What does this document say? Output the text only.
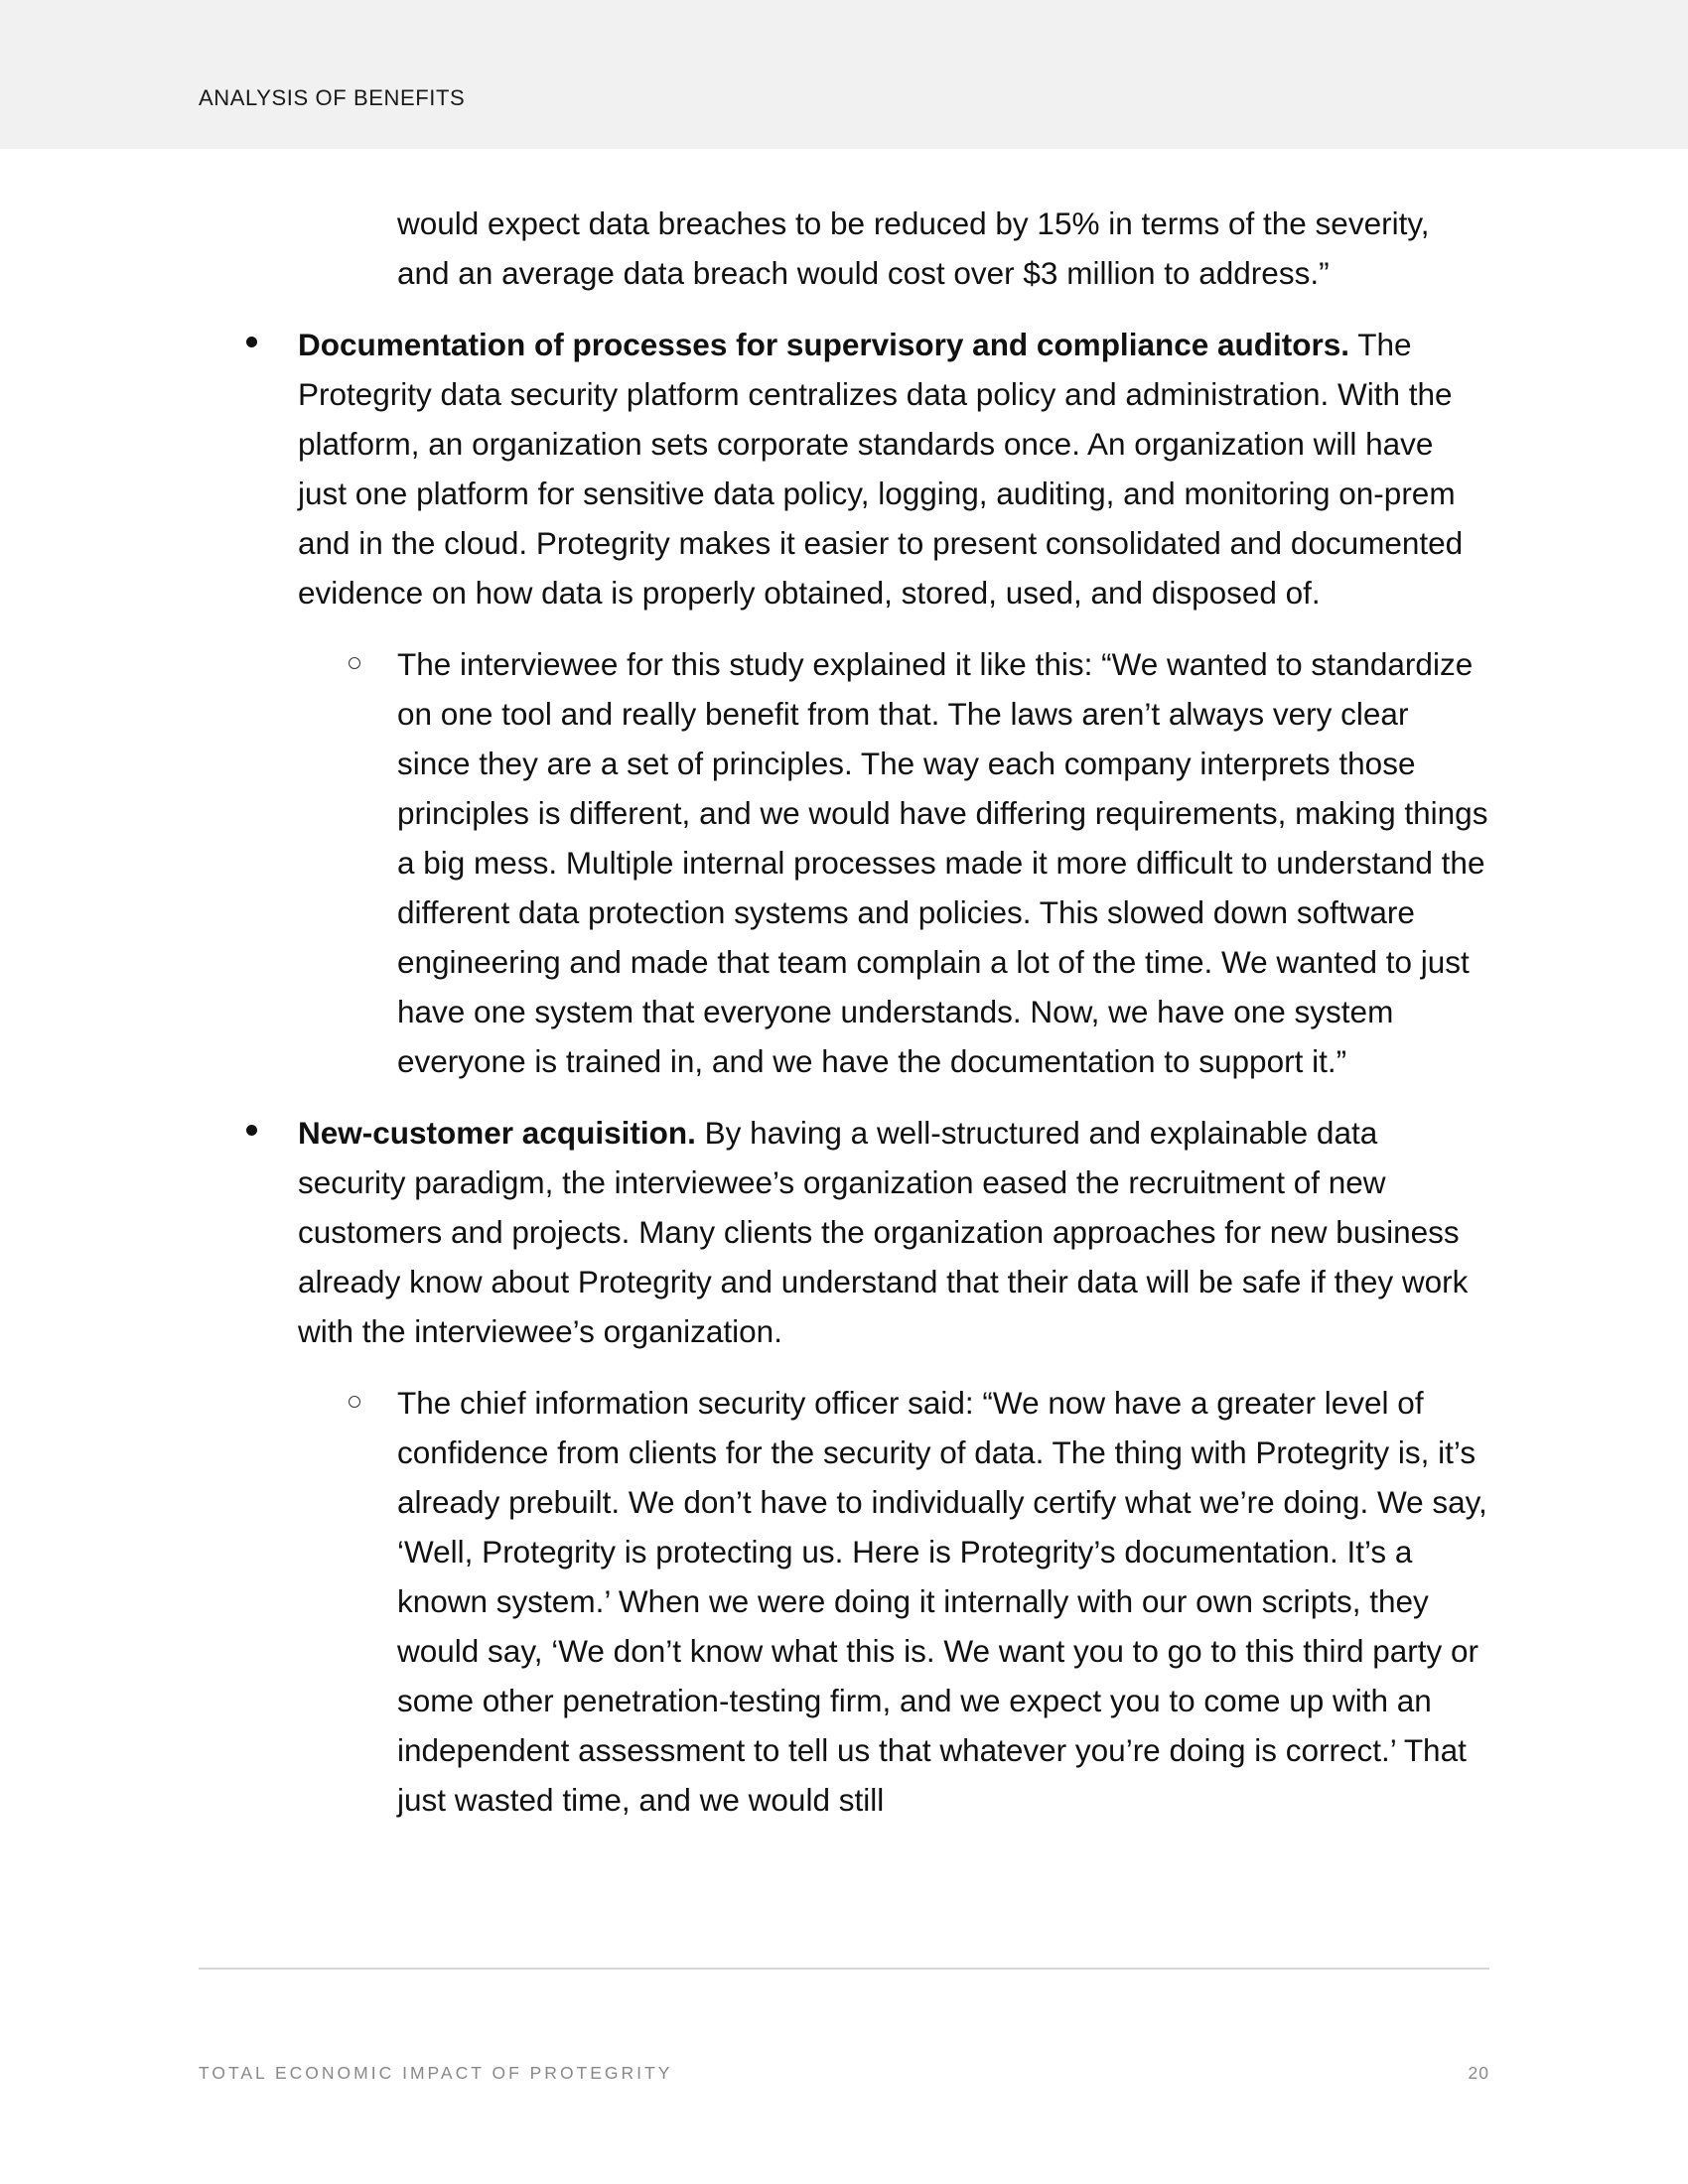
ANALYSIS OF BENEFITS

would expect data breaches to be reduced by 15% in terms of the severity, and an average data breach would cost over $3 million to address.”

Documentation of processes for supervisory and compliance auditors. The Protegrity data security platform centralizes data policy and administration. With the platform, an organization sets corporate standards once. An organization will have just one platform for sensitive data policy, logging, auditing, and monitoring on-prem and in the cloud. Protegrity makes it easier to present consolidated and documented evidence on how data is properly obtained, stored, used, and disposed of.
The interviewee for this study explained it like this: “We wanted to standardize on one tool and really benefit from that. The laws aren’t always very clear since they are a set of principles. The way each company interprets those principles is different, and we would have differing requirements, making things a big mess. Multiple internal processes made it more difficult to understand the different data protection systems and policies. This slowed down software engineering and made that team complain a lot of the time. We wanted to just have one system that everyone understands. Now, we have one system everyone is trained in, and we have the documentation to support it.”
New-customer acquisition. By having a well-structured and explainable data security paradigm, the interviewee’s organization eased the recruitment of new customers and projects. Many clients the organization approaches for new business already know about Protegrity and understand that their data will be safe if they work with the interviewee’s organization.
The chief information security officer said: “We now have a greater level of confidence from clients for the security of data. The thing with Protegrity is, it’s already prebuilt. We don’t have to individually certify what we’re doing. We say, ‘Well, Protegrity is protecting us. Here is Protegrity’s documentation. It’s a known system.’ When we were doing it internally with our own scripts, they would say, ‘We don’t know what this is. We want you to go to this third party or some other penetration-testing firm, and we expect you to come up with an independent assessment to tell us that whatever you’re doing is correct.’ That just wasted time, and we would still
TOTAL ECONOMIC IMPACT OF PROTEGRITY	20
